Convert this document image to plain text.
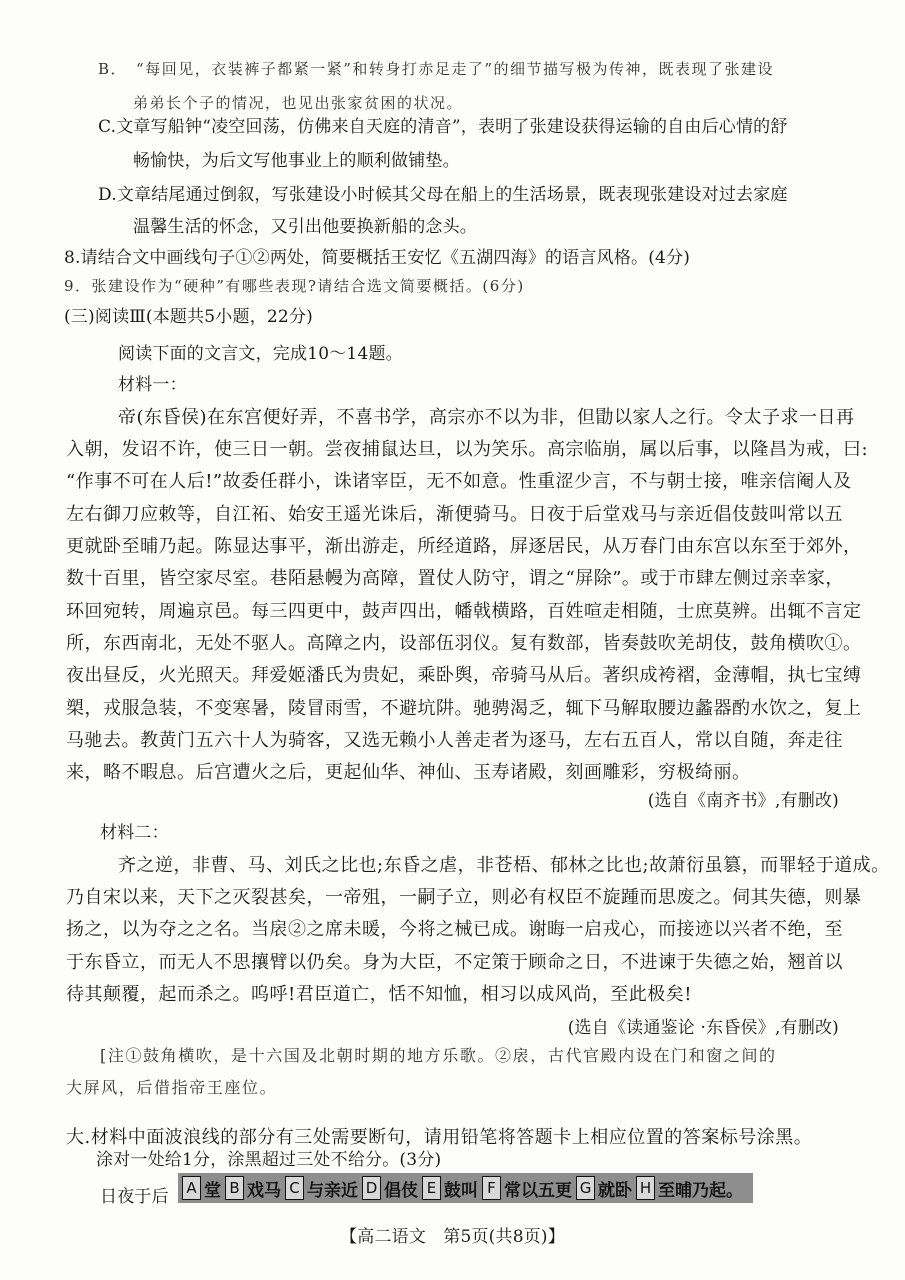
B．　“每回见，衣装裤子都紧一紧”和转身打赤足走了”的细节描写极为传神，既表现了张建设
弟弟长个子的情况，也见出张家贫困的状况。
C.文章写船钟“凌空回荡，仿佛来自天庭的清音”，表明了张建设获得运输的自由后心情的舒
畅愉快，为后文写他事业上的顺利做铺垫。
D.文章结尾通过倒叙，写张建设小时候其父母在船上的生活场景，既表现张建设对过去家庭
温馨生活的怀念，又引出他要换新船的念头。
8.请结合文中画线句子①②两处，简要概括王安忆《五湖四海》的语言风格。(4分)
9．张建设作为“硬种”有哪些表现?请结合选文简要概括。(6分)
(三)阅读Ⅲ(本题共5小题，22分)
阅读下面的文言文，完成10～14题。
材料一：
帝(东昏侯)在东宫便好弄，不喜书学，高宗亦不以为非，但勖以家人之行。令太子求一日再
入朝，发诏不许，使三日一朝。尝夜捕鼠达旦，以为笑乐。高宗临崩，属以后事，以隆昌为戒，曰:
“作事不可在人后!”故委任群小，诛诸宰臣，无不如意。性重涩少言，不与朝士接，唯亲信阉人及
左右御刀应敕等，自江祏、始安王遥光诛后，渐便骑马。日夜于后堂戏马与亲近倡伎鼓叫常以五
更就卧至晡乃起。陈显达事平，渐出游走，所经道路，屏逐居民，从万春门由东宫以东至于郊外，
数十百里，皆空家尽室。巷陌悬幔为高障，置仗人防守，谓之“屏除”。或于市肆左侧过亲幸家，
环回宛转，周遍京邑。每三四更中，鼓声四出，幡戟横路，百姓喧走相随，士庶莫辨。出辄不言定
所，东西南北，无处不驱人。高障之内，设部伍羽仪。复有数部，皆奏鼓吹羌胡伎，鼓角横吹①。
夜出昼反，火光照天。拜爱姬潘氏为贵妃，乘卧舆，帝骑马从后。著织成袴褶，金薄帽，执七宝缚
槊，戎服急装，不变寒暑，陵冒雨雪，不避坑阱。驰骋渴乏，辄下马解取腰边蠡器酌水饮之，复上
马驰去。教黄门五六十人为骑客，又选无赖小人善走者为逐马，左右五百人，常以自随，奔走往
来，略不暇息。后宫遭火之后，更起仙华、神仙、玉寿诸殿，刻画雕彩，穷极绮丽。
(选自《南齐书》,有删改)
材料二：
齐之逆，非曹、马、刘氏之比也;东昏之虐，非苍梧、郁林之比也;故萧衍虽篡，而罪轻于道成。
乃自宋以来，天下之灭裂甚矣，一帝殂，一嗣子立，则必有权臣不旋踵而思废之。伺其失德，则暴
扬之，以为夺之之名。当扆②之席未暖，今将之械已成。谢晦一启戎心，而接迹以兴者不绝，至
于东昏立，而无人不思攘臂以仍矣。身为大臣，不定策于顾命之日，不进谏于失德之始，翘首以
待其颠覆，起而杀之。呜呼!君臣道亡，恬不知恤，相习以成风尚，至此极矣!
(选自《读通鉴论 ·东昏侯》,有删改)
[注①鼓角横吹，是十六国及北朝时期的地方乐歌。②扆，古代官殿内设在门和窗之间的
大屏风，后借指帝王座位。
大.材料中面波浪线的部分有三处需要断句，请用铅笔将答题卡上相应位置的答案标号涂黑。
涂对一处给1分，涂黑超过三处不给分。(3分)
日夜于后 A 堂 B 戏马 C 与亲近 D 倡伎 E 鼓叫 F 常以五更 G 就卧 H 至晡乃起。
【高二语文　第5页(共8页)】
